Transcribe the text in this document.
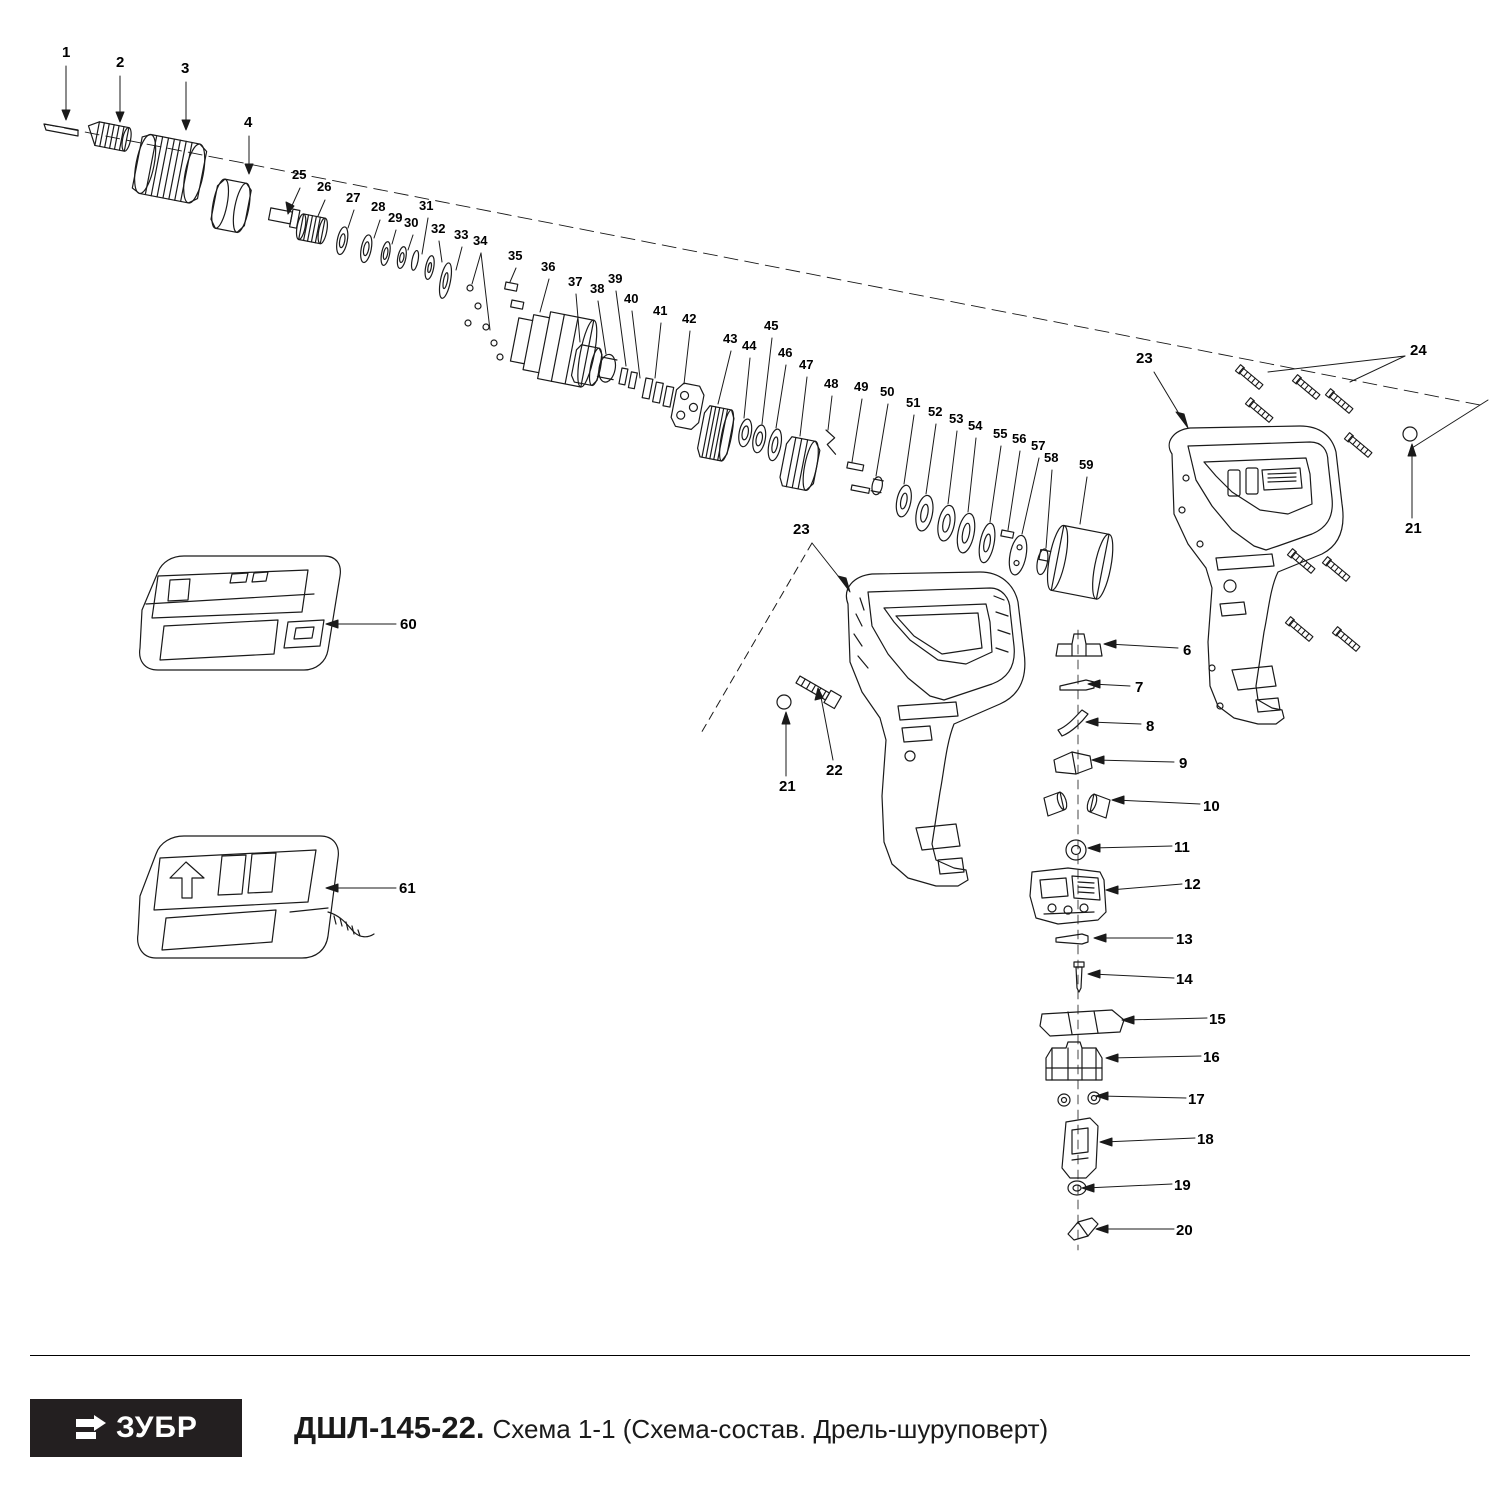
1
2	3
4
25
26
27
28
29 30
31
32 33 34
35
36
37 38
39
40
41
42
43 44
45
46
47
48 49 50
51
52 53 54
55 56 57
58 59
23	24
21
23
21
22
6
7
8
9
10
11
12
13
14
15
16
17
18
19
20
60
61
ЗУБР	ДШЛ-145-22. Схема 1-1 (Схема-состав. Дрель-шуруповерт)
